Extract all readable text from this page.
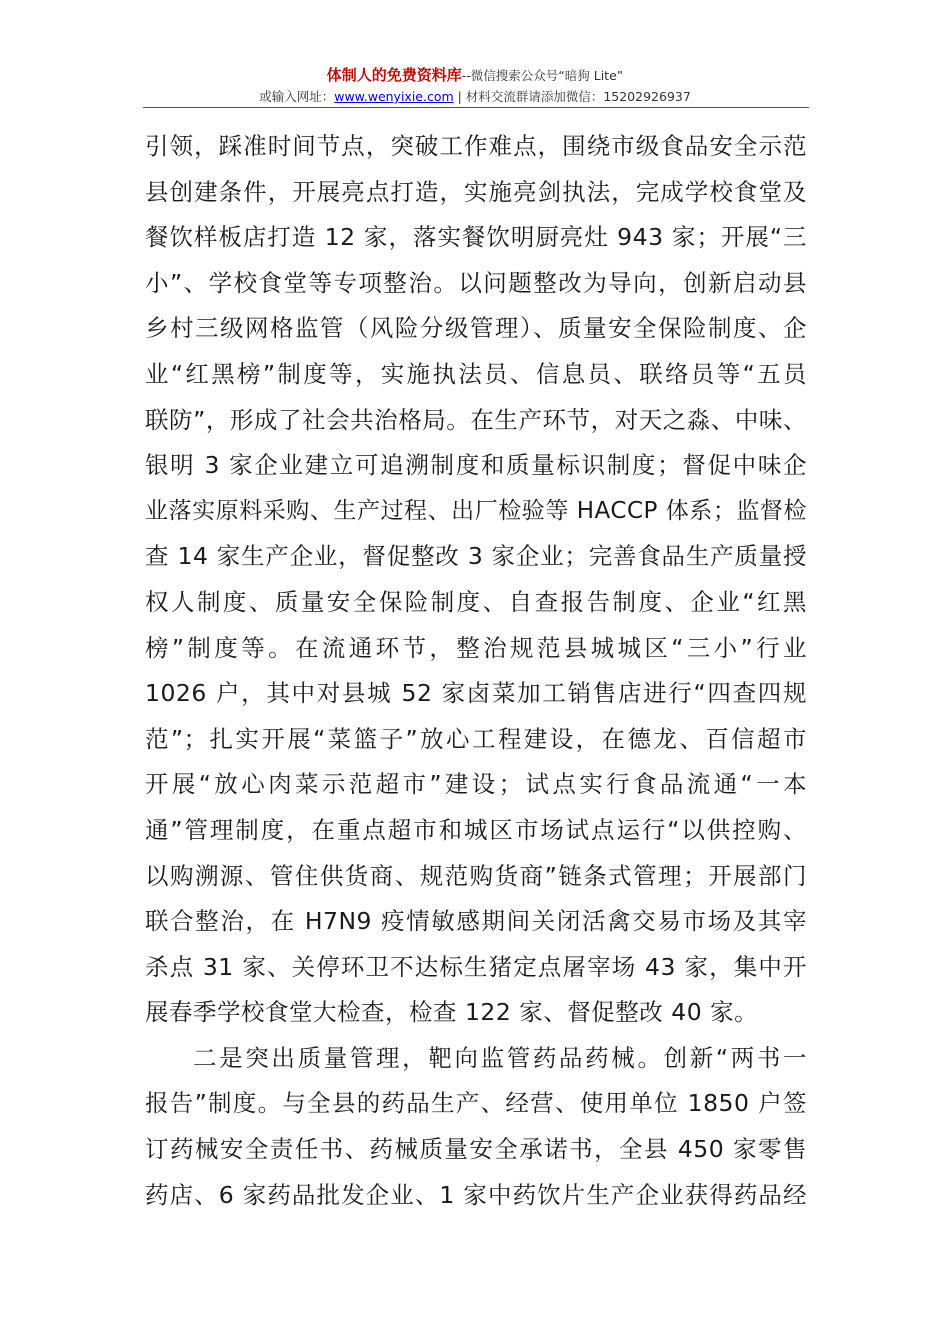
体制人的免费资料库--微信搜索公众号“暗狗 Lite”
或输入网址：www.wenyixie.com | 材料交流群请添加微信：15202926937
引领，踩准时间节点，突破工作难点，围绕市级食品安全示范
县创建条件，开展亮点打造，实施亮剑执法，完成学校食堂及
餐饮样板店打造 12 家，落实餐饮明厨亮灶 943 家；开展“三
小”、学校食堂等专项整治。以问题整改为导向，创新启动县
乡村三级网格监管（风险分级管理）、质量安全保险制度、企
业“红黑榜”制度等，实施执法员、信息员、联络员等“五员
联防”，形成了社会共治格局。在生产环节，对天之淼、中味、
银明 3 家企业建立可追溯制度和质量标识制度；督促中味企
业落实原料采购、生产过程、出厂检验等 HACCP 体系；监督检
查 14 家生产企业，督促整改 3 家企业；完善食品生产质量授
权人制度、质量安全保险制度、自查报告制度、企业“红黑
榜”制度等。在流通环节，整治规范县城城区“三小”行业
1026 户，其中对县城 52 家卤菜加工销售店进行“四查四规
范”；扎实开展“菜篮子”放心工程建设，在德龙、百信超市
开展“放心肉菜示范超市”建设；试点实行食品流通“一本
通”管理制度，在重点超市和城区市场试点运行“以供控购、
以购溯源、管住供货商、规范购货商”链条式管理；开展部门
联合整治，在 H7N9 疫情敏感期间关闭活禽交易市场及其宰
杀点 31 家、关停环卫不达标生猪定点屠宰场 43 家，集中开
展春季学校食堂大检查，检查 122 家、督促整改 40 家。
二是突出质量管理，靶向监管药品药械。创新“两书一
报告”制度。与全县的药品生产、经营、使用单位 1850 户签
订药械安全责任书、药械质量安全承诺书，全县 450 家零售
药店、6 家药品批发企业、1 家中药饮片生产企业获得药品经
